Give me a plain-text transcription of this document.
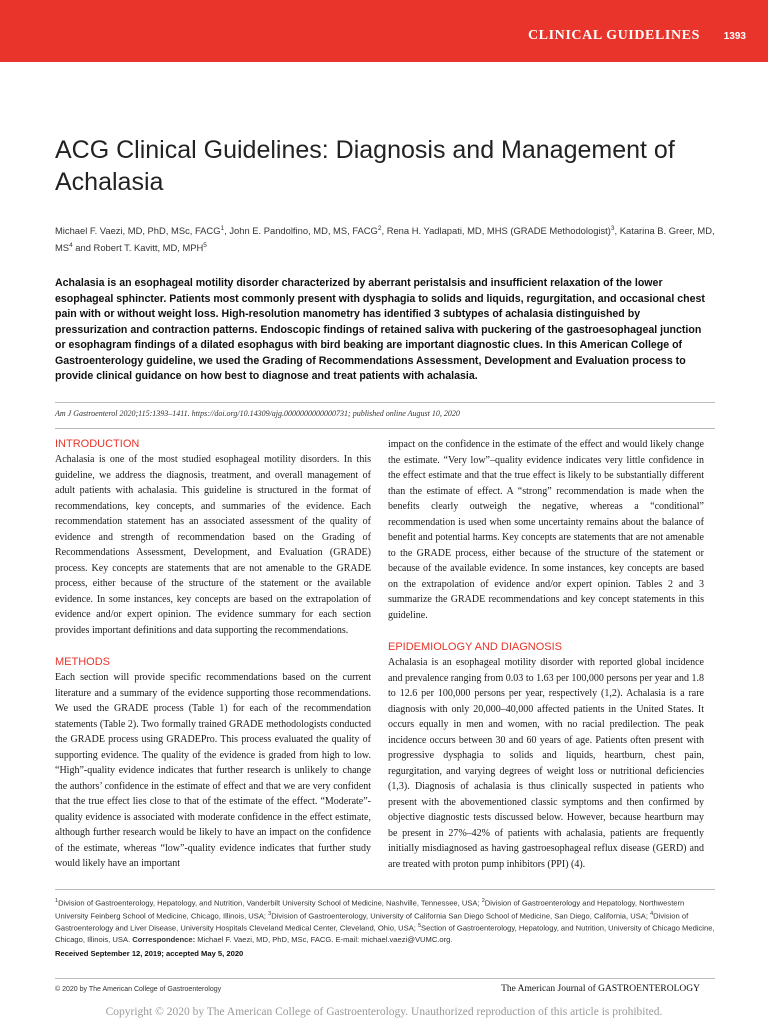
CLINICAL GUIDELINES 1393
ACG Clinical Guidelines: Diagnosis and Management of Achalasia
Michael F. Vaezi, MD, PhD, MSc, FACG$^1$, John E. Pandolfino, MD, MS, FACG$^2$, Rena H. Yadlapati, MD, MHS (GRADE Methodologist)$^3$, Katarina B. Greer, MD, $MS^4$ and Robert T. Kavitt, MD, MPH$^5$
Achalasia is an esophageal motility disorder characterized by aberrant peristalsis and insufficient relaxation of the lower esophageal sphincter. Patients most commonly present with dysphagia to solids and liquids, regurgitation, and occasional chest pain with or without weight loss. High-resolution manometry has identified 3 subtypes of achalasia distinguished by pressurization and contraction patterns. Endoscopic findings of retained saliva with puckering of the gastroesophageal junction or esophagram findings of a dilated esophagus with bird beaking are important diagnostic clues. In this American College of Gastroenterology guideline, we used the Grading of Recommendations Assessment, Development and Evaluation process to provide clinical guidance on how best to diagnose and treat patients with achalasia.
Am J Gastroenterol 2020;115:1393–1411. https://doi.org/10.14309/ajg.0000000000000731; published online August 10, 2020
INTRODUCTION

Achalasia is one of the most studied esophageal motility disorders. In this guideline, we address the diagnosis, treatment, and overall management of adult patients with achalasia. This guideline is structured in the format of recommendations, key concepts, and summaries of the evidence. Each recommendation statement has an associated assessment of the quality of evidence and strength of recommendation based on the Grading of Recommendations Assessment, Development, and Evaluation (GRADE) process. Key concepts are statements that are not amenable to the GRADE process, either because of the structure of the statement or the available evidence. In some instances, key concepts are based on the extrapolation of evidence and/or expert opinion. The evidence summary for each section provides important definitions and data supporting the recommendations.

METHODS

Each section will provide specific recommendations based on the current literature and a summary of the evidence supporting those recommendations. We used the GRADE process (Table 1) for each of the recommendation statements (Table 2). Two formally trained GRADE methodologists conducted the GRADE process using GRADEPro. This process evaluated the quality of supporting evidence. The quality of the evidence is graded from high to low. “High”-quality evidence indicates that further research is unlikely to change the authors’ confidence in the estimate of effect and that we are very confident that the true effect lies close to that of the estimate of the effect. “Moderate”-quality evidence is associated with moderate confidence in the effect estimate, although further research would be likely to have an impact on the confidence of the estimate, whereas “low”-quality evidence indicates that further study would likely have an important

impact on the confidence in the estimate of the effect and would likely change the estimate. “Very low”–quality evidence indicates very little confidence in the effect estimate and that the true effect is likely to be substantially different than the estimate of effect. A “strong” recommendation is made when the benefits clearly outweigh the negative, whereas a “conditional” recommendation is used when some uncertainty remains about the balance of benefit and potential harms. Key concepts are statements that are not amenable to the GRADE process, either because of the structure of the statement or because of the available evidence. In some instances, key concepts are based on the extrapolation of evidence and/or expert opinion. Tables 2 and 3 summarize the GRADE recommendations and key concept statements in this guideline.

EPIDEMIOLOGY AND DIAGNOSIS

Achalasia is an esophageal motility disorder with reported global incidence and prevalence ranging from 0.03 to 1.63 per 100,000 persons per year and 1.8 to 12.6 per 100,000 persons per year, respectively (1,2). Achalasia is a rare diagnosis with only 20,000–40,000 affected patients in the United States. It occurs equally in men and women, with no racial predilection. The peak incidence occurs between 30 and 60 years of age. Patients often present with progressive dysphagia to solids and liquids, heartburn, chest pain, regurgitation, and varying degrees of weight loss or nutritional deficiencies (1,3). Diagnosis of achalasia is thus clinically suspected in patients who present with the abovementioned classic symptoms and then confirmed by objective diagnostic tests discussed below. However, because heartburn may be present in 27%–42% of patients with achalasia, patients are frequently initially misdiagnosed as having gastroesophageal reflux disease (GERD) and are treated with proton pump inhibitors (PPI) (4).

$^1$Division of Gastroenterology, Hepatology, and Nutrition, Vanderbilt University School of Medicine, Nashville, Tennessee, USA; $^2$Division of Gastroenterology and Hepatology, Northwestern University Feinberg School of Medicine, Chicago, Illinois, USA; $^3$Division of Gastroenterology, University of California San Diego School of Medicine, San Diego, California, USA; $^4$Division of Gastroenterology and Liver Disease, University Hospitals Cleveland Medical Center, Cleveland, Ohio, USA; $^5$Section of Gastroenterology, Hepatology, and Nutrition, University of Chicago Medicine, Chicago, Illinois, USA. Correspondence: Michael F. Vaezi, MD, PhD, MSc, FACG. E-mail: michael.vaezi@VUMC.org.
Received September 12, 2019; accepted May 5, 2020
© 2020 by The American College of Gastroenterology	The American Journal of GASTROENTEROLOGY
Copyright © 2020 by The American College of Gastroenterology. Unauthorized reproduction of this article is prohibited.
